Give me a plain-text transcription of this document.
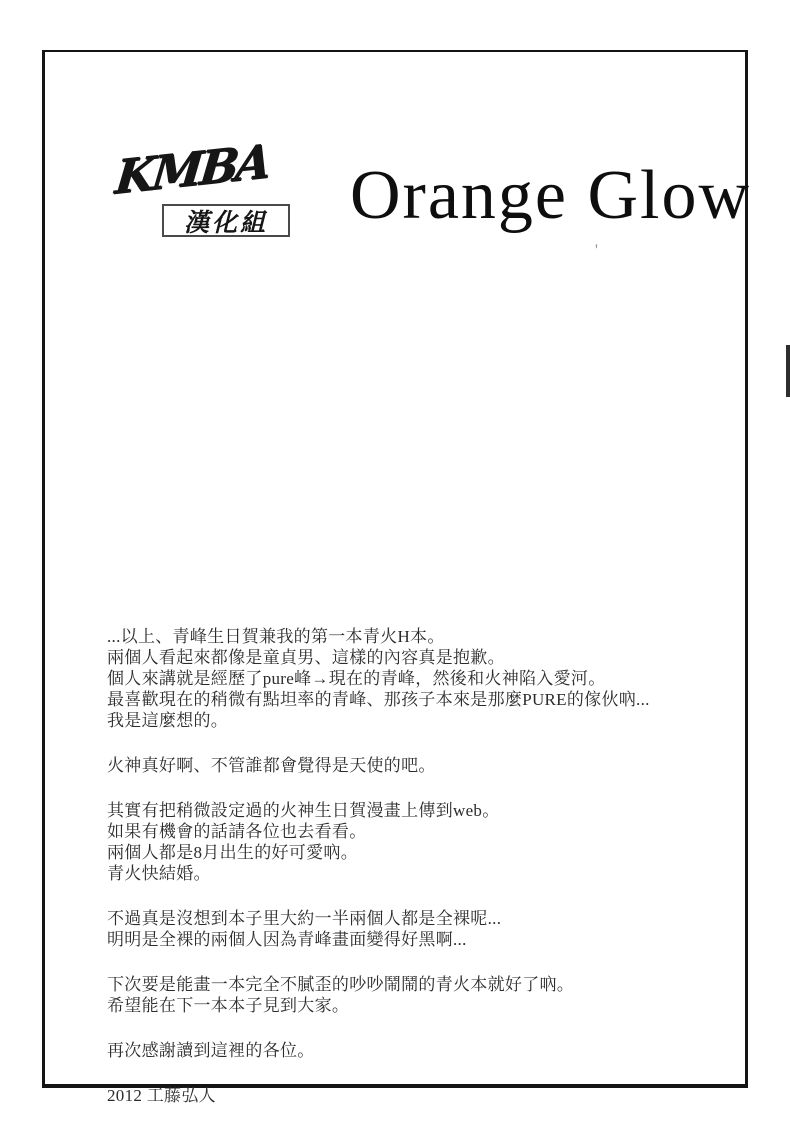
KMBA
漢化組 Orange Glow
'

...以上、青峰生日賀兼我的第一本青火H本。
兩個人看起來都像是童貞男、這樣的內容真是抱歉。
個人來講就是經歷了pure峰→現在的青峰，然後和火神陷入愛河。
最喜歡現在的稍微有點坦率的青峰、那孩子本來是那麼PURE的傢伙吶...
我是這麼想的。

火神真好啊、不管誰都會覺得是天使的吧。

其實有把稍微設定過的火神生日賀漫畫上傳到web。
如果有機會的話請各位也去看看。
兩個人都是8月出生的好可愛吶。
青火快結婚。

不過真是沒想到本子里大約一半兩個人都是全裸呢...
明明是全裸的兩個人因為青峰畫面變得好黑啊...

下次要是能畫一本完全不膩歪的吵吵鬧鬧的青火本就好了吶。
希望能在下一本本子見到大家。

再次感謝讀到這裡的各位。

2012 工藤弘人
